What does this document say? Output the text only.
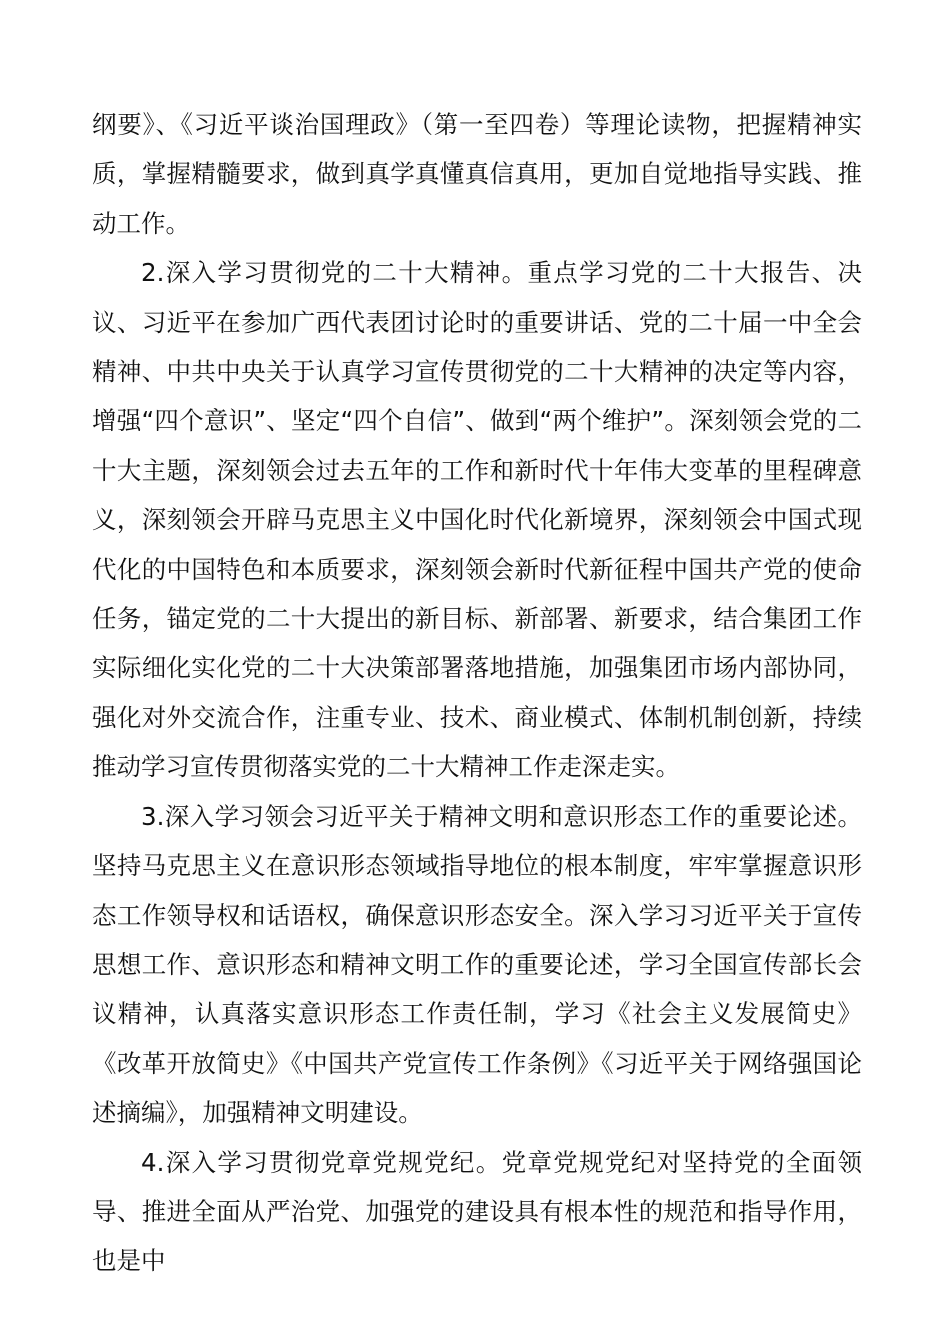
纲要》、《习近平谈治国理政》（第一至四卷）等理论读物，把握精神实质，掌握精髓要求，做到真学真懂真信真用，更加自觉地指导实践、推动工作。

2.深入学习贯彻党的二十大精神。重点学习党的二十大报告、决议、习近平在参加广西代表团讨论时的重要讲话、党的二十届一中全会精神、中共中央关于认真学习宣传贯彻党的二十大精神的决定等内容，增强“四个意识”、坚定“四个自信”、做到“两个维护”。深刻领会党的二十大主题，深刻领会过去五年的工作和新时代十年伟大变革的里程碑意义，深刻领会开辟马克思主义中国化时代化新境界，深刻领会中国式现代化的中国特色和本质要求，深刻领会新时代新征程中国共产党的使命任务，锚定党的二十大提出的新目标、新部署、新要求，结合集团工作实际细化实化党的二十大决策部署落地措施，加强集团市场内部协同，强化对外交流合作，注重专业、技术、商业模式、体制机制创新，持续推动学习宣传贯彻落实党的二十大精神工作走深走实。

3.深入学习领会习近平关于精神文明和意识形态工作的重要论述。坚持马克思主义在意识形态领域指导地位的根本制度，牢牢掌握意识形态工作领导权和话语权，确保意识形态安全。深入学习习近平关于宣传思想工作、意识形态和精神文明工作的重要论述，学习全国宣传部长会议精神，认真落实意识形态工作责任制，学习《社会主义发展简史》《改革开放简史》《中国共产党宣传工作条例》《习近平关于网络强国论述摘编》，加强精神文明建设。

4.深入学习贯彻党章党规党纪。党章党规党纪对坚持党的全面领导、推进全面从严治党、加强党的建设具有根本性的规范和指导作用，也是中
